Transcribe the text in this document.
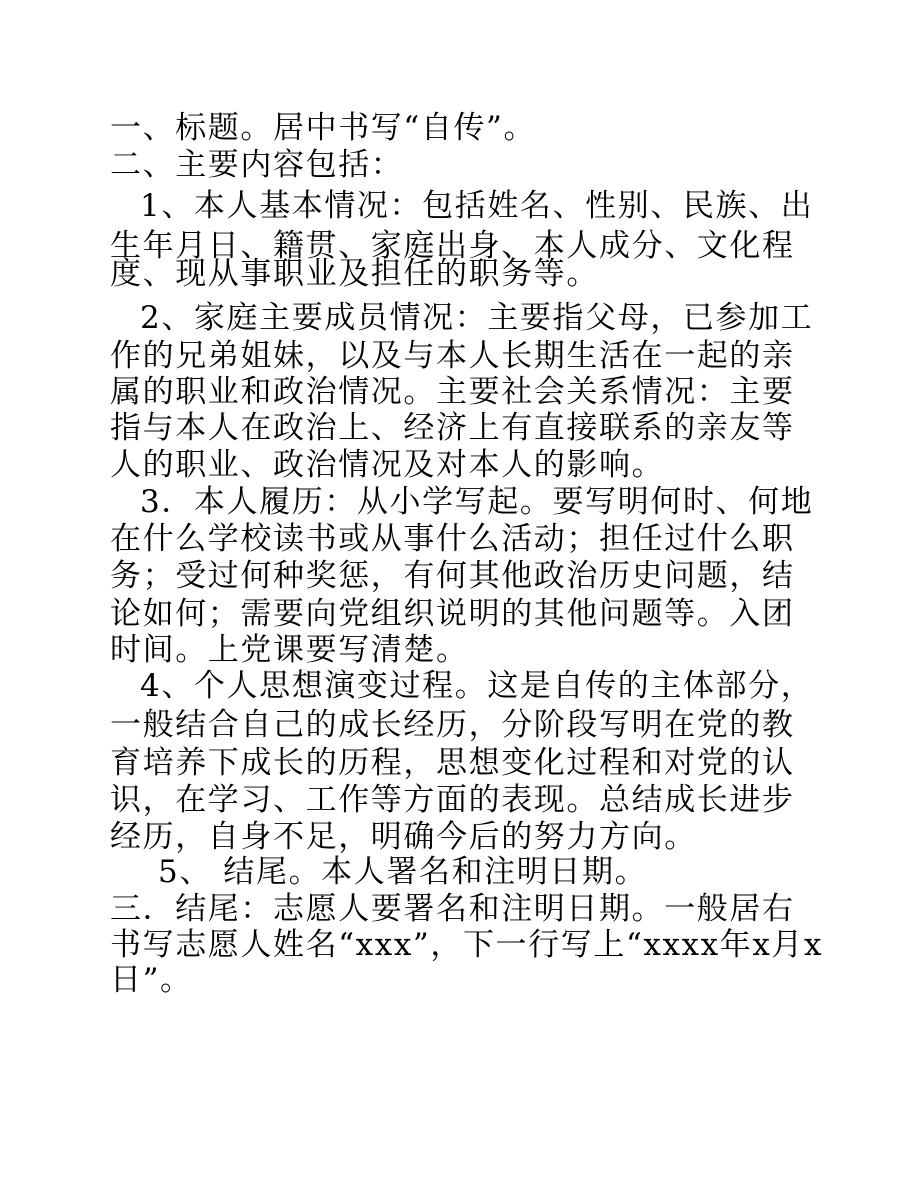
一、标题。居中书写“自传”。
二、主要内容包括：
1、本人基本情况：包括姓名、性别、民族、出
生年月日、籍贯、家庭出身、本人成分、文化程
度、现从事职业及担任的职务等。
2、家庭主要成员情况：主要指父母，已参加工
作的兄弟姐妹，以及与本人长期生活在一起的亲
属的职业和政治情况。主要社会关系情况：主要
指与本人在政治上、经济上有直接联系的亲友等
人的职业、政治情况及对本人的影响。
3．本人履历：从小学写起。要写明何时、何地
在什么学校读书或从事什么活动；担任过什么职
务；受过何种奖惩，有何其他政治历史问题，结
论如何；需要向党组织说明的其他问题等。入团
时间。上党课要写清楚。
4、个人思想演变过程。这是自传的主体部分，
一般结合自己的成长经历，分阶段写明在党的教
育培养下成长的历程，思想变化过程和对党的认
识，在学习、工作等方面的表现。总结成长进步
经历，自身不足，明确今后的努力方向。
5、 结尾。本人署名和注明日期。
三．结尾：志愿人要署名和注明日期。一般居右
书写志愿人姓名“xxx”，下一行写上“xxxx年x月x
日”。
